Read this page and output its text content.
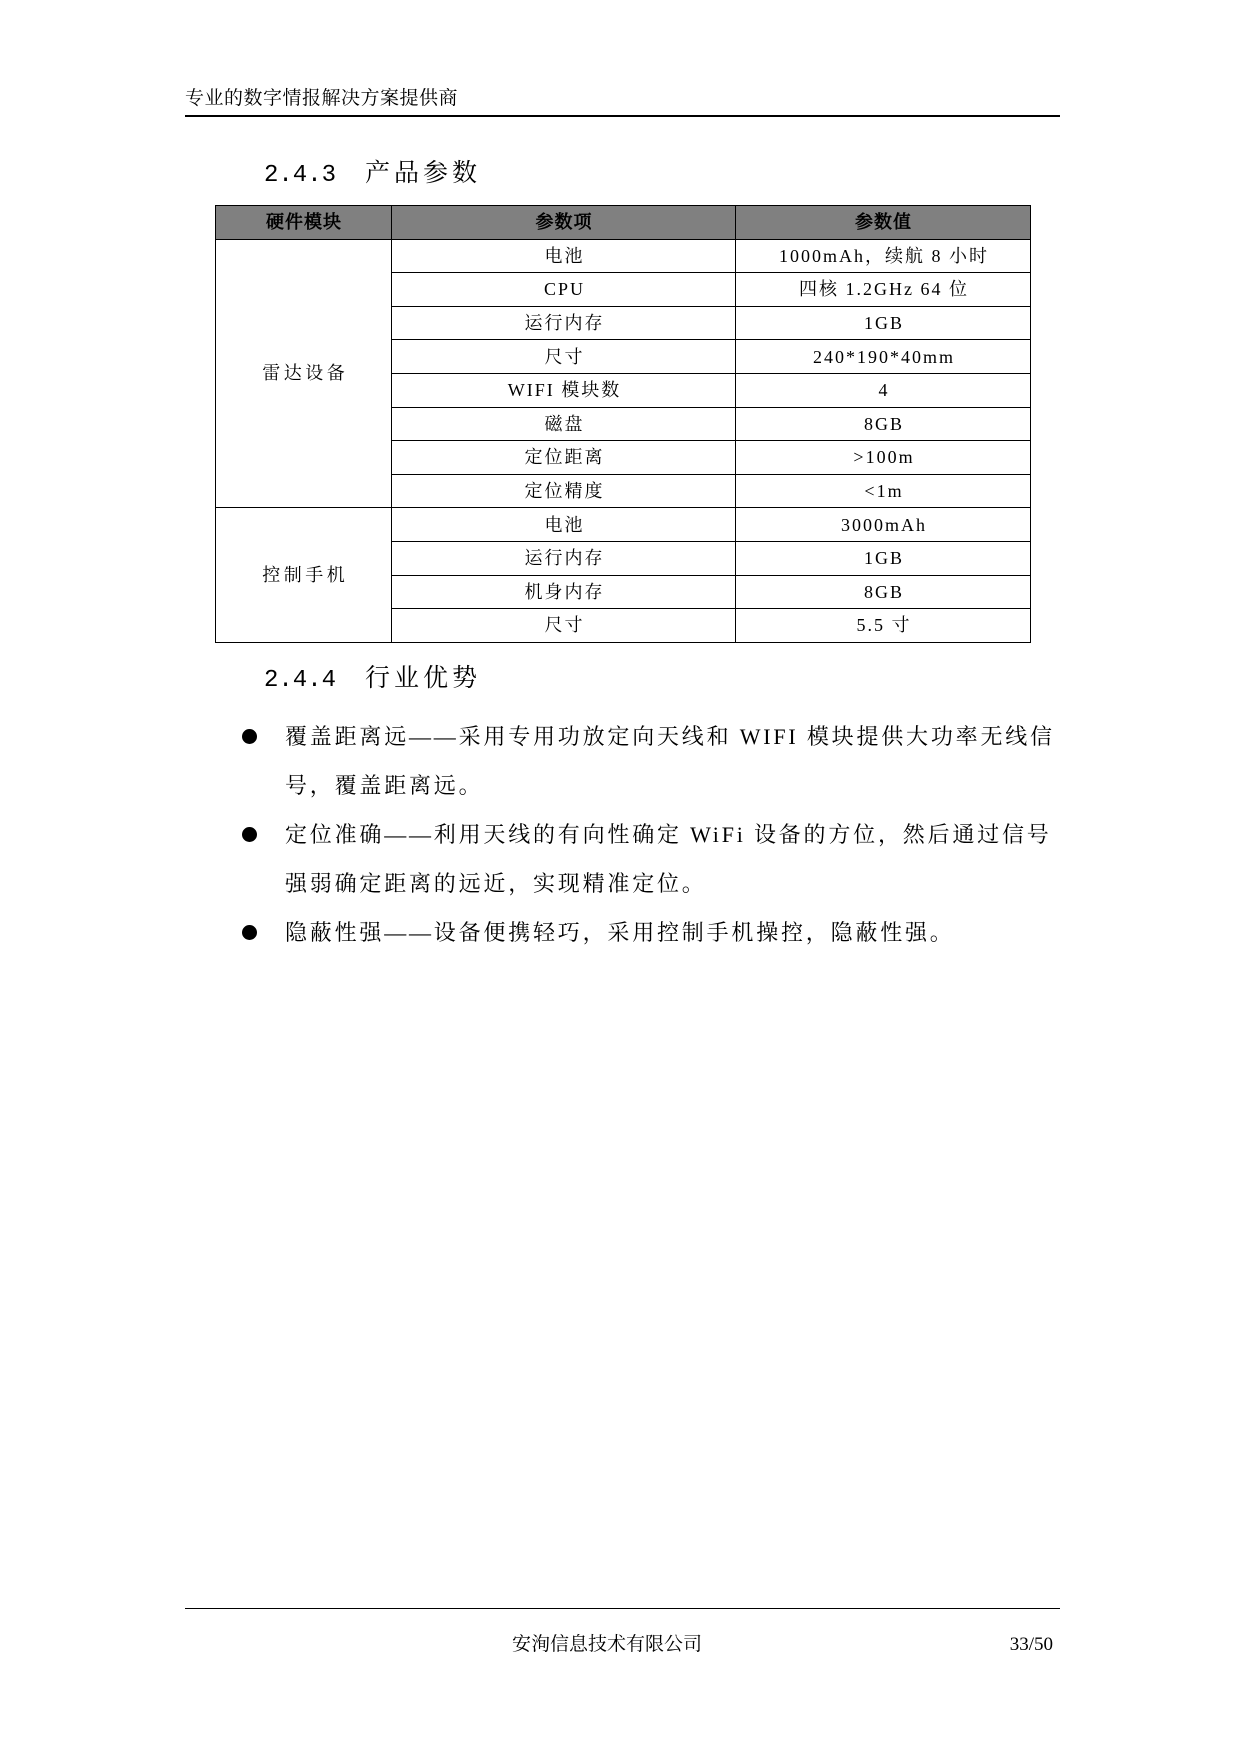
专业的数字情报解决方案提供商
2.4.3 产品参数
硬件模块	参数项	参数值
雷达设备	电池	1000mAh，续航 8 小时
	CPU	四核 1.2GHz 64 位
	运行内存	1GB
	尺寸	240*190*40mm
	WIFI 模块数	4
	磁盘	8GB
	定位距离	>100m
	定位精度	<1m
控制手机	电池	3000mAh
	运行内存	1GB
	机身内存	8GB
	尺寸	5.5 寸
2.4.4 行业优势
覆盖距离远——采用专用功放定向天线和 WIFI 模块提供大功率无线信
号，覆盖距离远。
定位准确——利用天线的有向性确定 WiFi 设备的方位，然后通过信号
强弱确定距离的远近，实现精准定位。
隐蔽性强——设备便携轻巧，采用控制手机操控，隐蔽性强。
安洵信息技术有限公司	33/50
